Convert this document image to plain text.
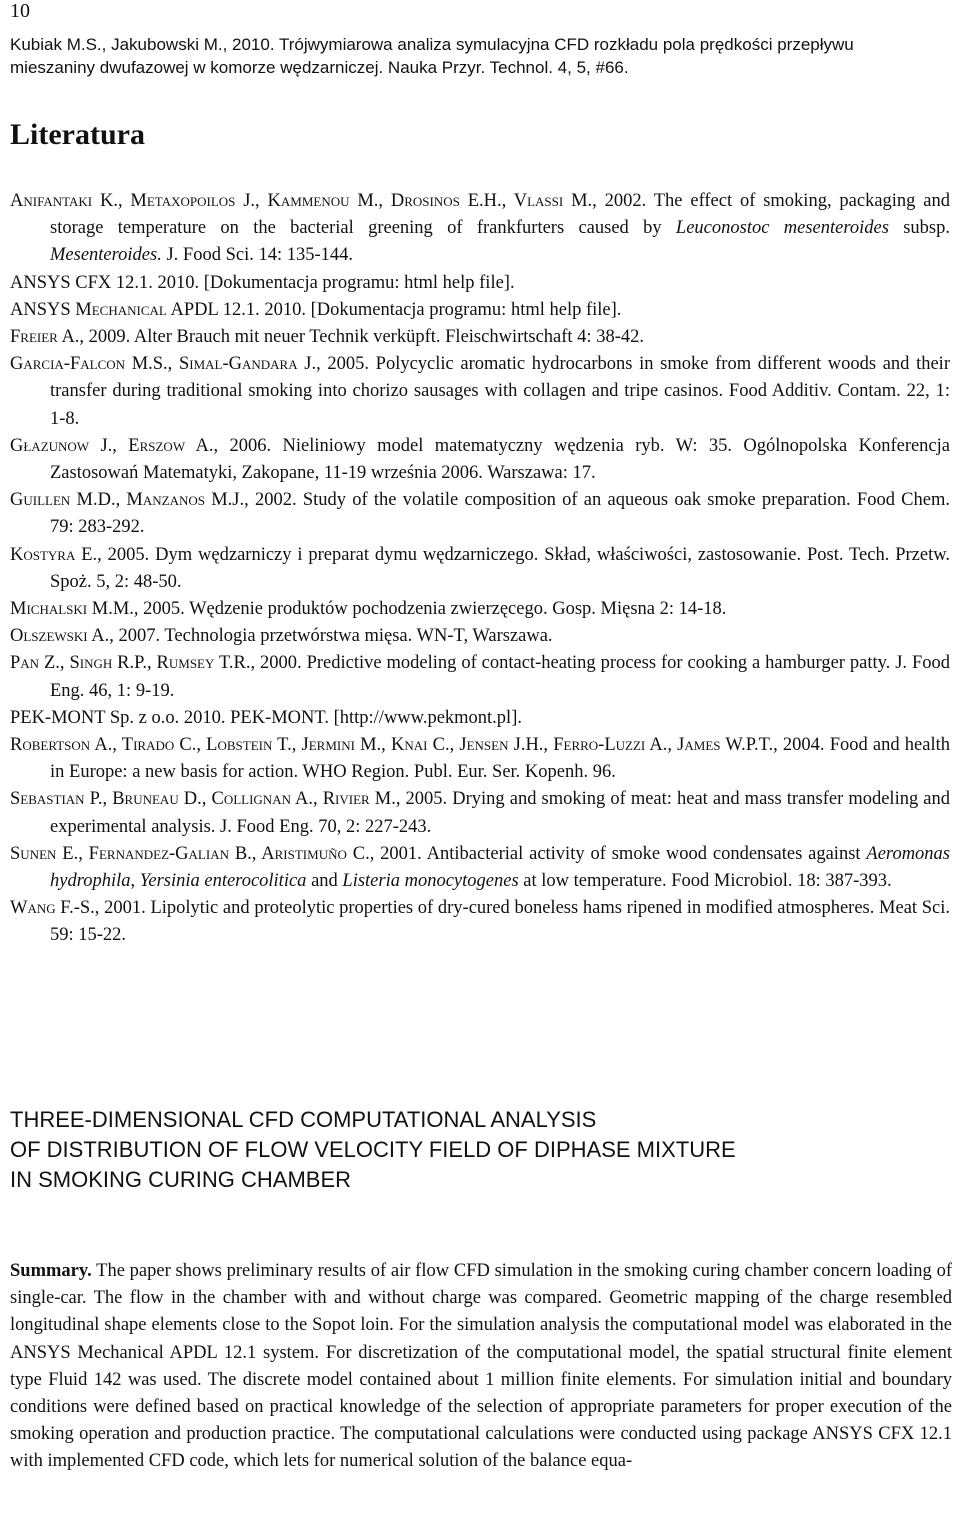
10
Kubiak M.S., Jakubowski M., 2010. Trójwymiarowa analiza symulacyjna CFD rozkładu pola prędkości przepływu
mieszaniny dwufazowej w komorze wędzarniczej. Nauka Przyr. Technol. 4, 5, #66.
Literatura

Anifantaki K., Metaxopoilos J., Kammenou M., Drosinos E.H., Vlassi M., 2002. The effect of smoking, packaging and storage temperature on the bacterial greening of frankfurters caused by Leuconostoc mesenteroides subsp. Mesenteroides. J. Food Sci. 14: 135-144.

ANSYS CFX 12.1. 2010. [Dokumentacja programu: html help file].

ANSYS Mechanical APDL 12.1. 2010. [Dokumentacja programu: html help file].

Freier A., 2009. Alter Brauch mit neuer Technik verküpft. Fleischwirtschaft 4: 38-42.

Garcia-Falcon M.S., Simal-Gandara J., 2005. Polycyclic aromatic hydrocarbons in smoke from different woods and their transfer during traditional smoking into chorizo sausages with collagen and tripe casinos. Food Additiv. Contam. 22, 1: 1-8.

Głazunow J., Erszow A., 2006. Nieliniowy model matematyczny wędzenia ryb. W: 35. Ogólnopolska Konferencja Zastosowań Matematyki, Zakopane, 11-19 września 2006. Warszawa: 17.

Guillen M.D., Manzanos M.J., 2002. Study of the volatile composition of an aqueous oak smoke preparation. Food Chem. 79: 283-292.

Kostyra E., 2005. Dym wędzarniczy i preparat dymu wędzarniczego. Skład, właściwości, zastosowanie. Post. Tech. Przetw. Spoż. 5, 2: 48-50.

Michalski M.M., 2005. Wędzenie produktów pochodzenia zwierzęcego. Gosp. Mięsna 2: 14-18.

Olszewski A., 2007. Technologia przetwórstwa mięsa. WN-T, Warszawa.

Pan Z., Singh R.P., Rumsey T.R., 2000. Predictive modeling of contact-heating process for cooking a hamburger patty. J. Food Eng. 46, 1: 9-19.

PEK-MONT Sp. z o.o. 2010. PEK-MONT. [http://www.pekmont.pl].

Robertson A., Tirado C., Lobstein T., Jermini M., Knai C., Jensen J.H., Ferro-Luzzi A., James W.P.T., 2004. Food and health in Europe: a new basis for action. WHO Region. Publ. Eur. Ser. Kopenh. 96.

Sebastian P., Bruneau D., Collignan A., Rivier M., 2005. Drying and smoking of meat: heat and mass transfer modeling and experimental analysis. J. Food Eng. 70, 2: 227-243.

Sunen E., Fernandez-Galian B., Aristimuño C., 2001. Antibacterial activity of smoke wood condensates against Aeromonas hydrophila, Yersinia enterocolitica and Listeria monocytogenes at low temperature. Food Microbiol. 18: 387-393.

Wang F.-S., 2001. Lipolytic and proteolytic properties of dry-cured boneless hams ripened in modified atmospheres. Meat Sci. 59: 15-22.

THREE-DIMENSIONAL CFD COMPUTATIONAL ANALYSIS
OF DISTRIBUTION OF FLOW VELOCITY FIELD OF DIPHASE MIXTURE
IN SMOKING CURING CHAMBER

Summary. The paper shows preliminary results of air flow CFD simulation in the smoking curing chamber concern loading of single-car. The flow in the chamber with and without charge was compared. Geometric mapping of the charge resembled longitudinal shape elements close to the Sopot loin. For the simulation analysis the computational model was elaborated in the ANSYS Mechanical APDL 12.1 system. For discretization of the computational model, the spatial structural finite element type Fluid 142 was used. The discrete model contained about 1 million finite elements. For simulation initial and boundary conditions were defined based on practical knowledge of the selection of appropriate parameters for proper execution of the smoking operation and production practice. The computational calculations were conducted using package ANSYS CFX 12.1 with implemented CFD code, which lets for numerical solution of the balance equa-
